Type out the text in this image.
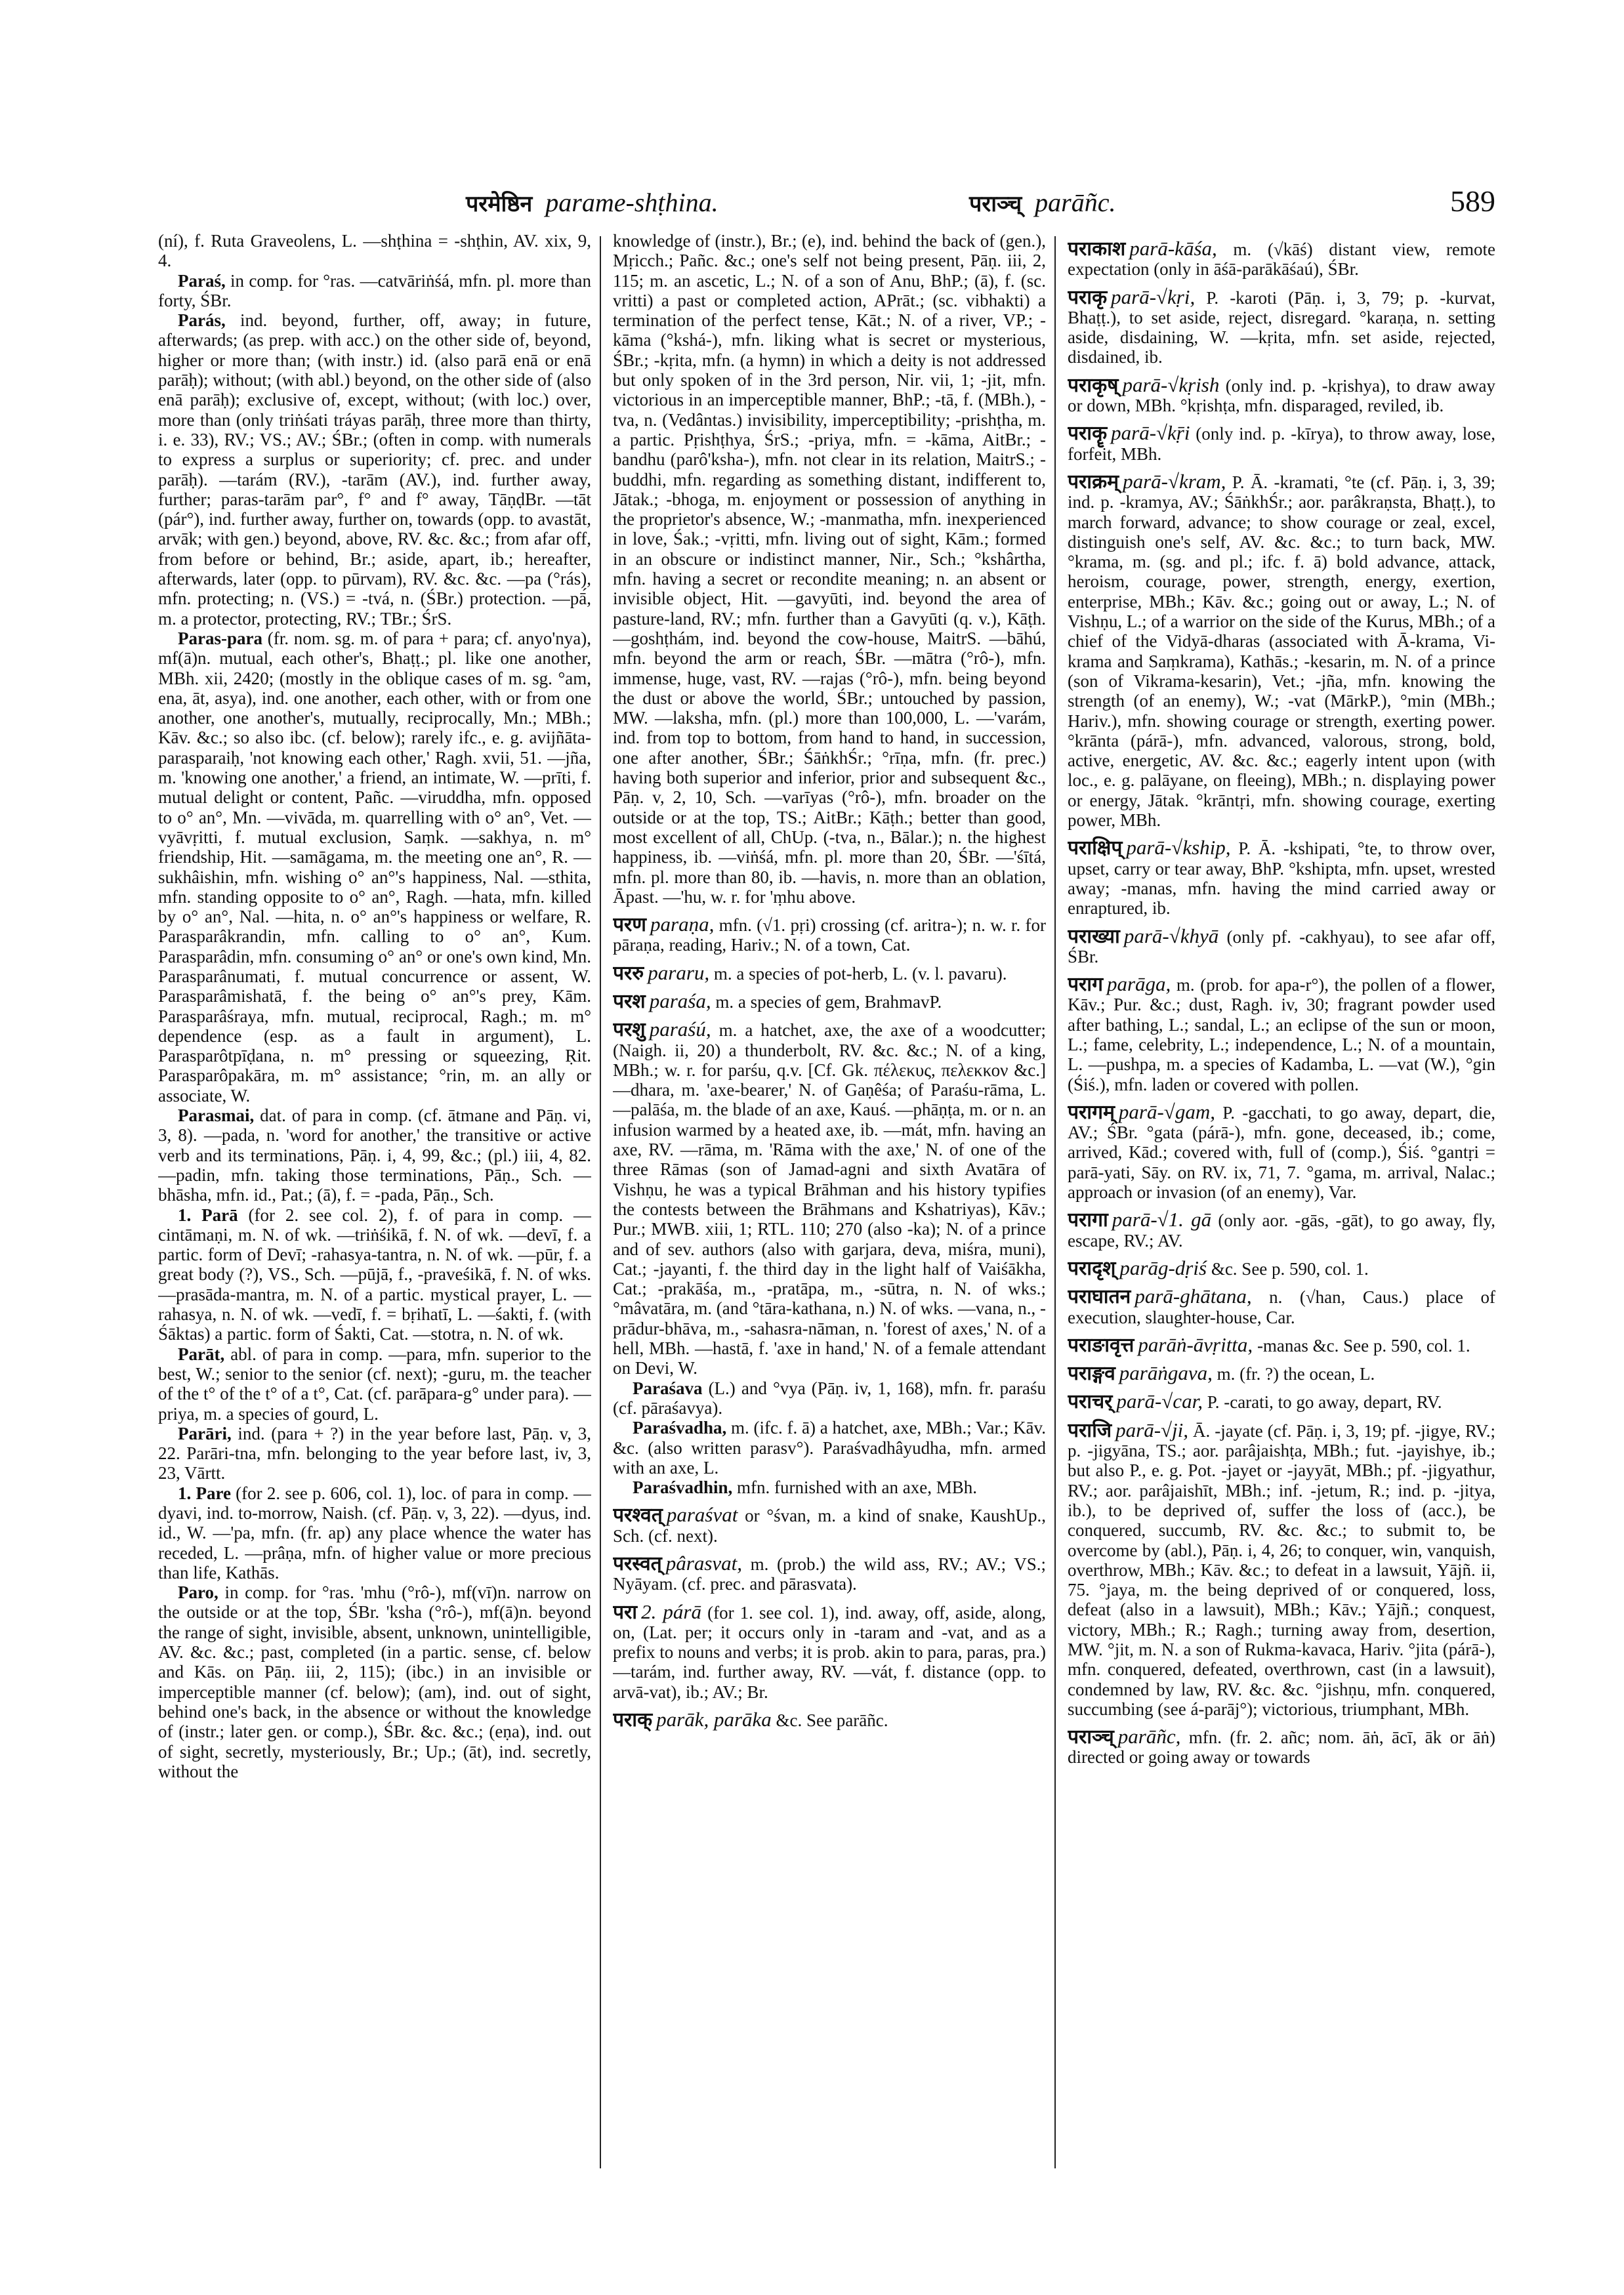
परमेष्ठिन parame-shṭhina.	पराञ्च् parāñc.	589

(ní), f. Ruta Graveolens, L. —shṭhina = -shṭhin, AV. xix, 9, 4.

Paraś, in comp. for °ras. —catvāriṅśá, mfn. pl. more than forty, ŚBr.

Parás, ind. beyond, further, off, away; in future, afterwards; (as prep. with acc.) on the other side of, beyond, higher or more than; (with instr.) id. (also parā enā or enā parāḥ); without; (with abl.) beyond, on the other side of (also enā parāḥ); exclusive of, except, without; (with loc.) over, more than (only triṅśati tráyas parāḥ, three more than thirty, i. e. 33), RV.; VS.; AV.; ŚBr.; (often in comp. with numerals to express a surplus or superiority; cf. prec. and under parāḥ). —tarám (RV.), -tarām (AV.), ind. further away, further; paras-tarām par°, f° and f° away, TāṇḍBr. —tāt (pár°), ind. further away, further on, towards (opp. to avastāt, arvāk; with gen.) beyond, above, RV. &c. &c.; from afar off, from before or behind, Br.; aside, apart, ib.; hereafter, afterwards, later (opp. to pūrvam), RV. &c. &c. —pa (°rás), mfn. protecting; n. (VS.) = -tvá, n. (ŚBr.) protection. —pā́, m. a protector, protecting, RV.; TBr.; ŚrS.

Paras-para (fr. nom. sg. m. of para + para; cf. anyo'nya), mf(ā)n. mutual, each other's, Bhaṭṭ.; pl. like one another, MBh. xii, 2420; (mostly in the oblique cases of m. sg. °am, ena, āt, asya), ind. one another, each other, with or from one another, one another's, mutually, reciprocally, Mn.; MBh.; Kāv. &c.; so also ibc. (cf. below); rarely ifc., e. g. avijñāta-parasparaiḥ, 'not knowing each other,' Ragh. xvii, 51. —jña, m. 'knowing one another,' a friend, an intimate, W. —prīti, f. mutual delight or content, Pañc. —viruddha, mfn. opposed to o° an°, Mn. —vivāda, m. quarrelling with o° an°, Vet. —vyāvṛitti, f. mutual exclusion, Saṃk. —sakhya, n. m° friendship, Hit. —samāgama, m. the meeting one an°, R. —sukhâishin, mfn. wishing o° an°'s happiness, Nal. —sthita, mfn. standing opposite to o° an°, Ragh. —hata, mfn. killed by o° an°, Nal. —hita, n. o° an°'s happiness or welfare, R. Parasparâkrandin, mfn. calling to o° an°, Kum. Parasparâdin, mfn. consuming o° an° or one's own kind, Mn. Parasparânumati, f. mutual concurrence or assent, W. Parasparâmishatā, f. the being o° an°'s prey, Kām. Parasparâśraya, mfn. mutual, reciprocal, Ragh.; m. m° dependence (esp. as a fault in argument), L. Parasparôtpīḍana, n. m° pressing or squeezing, Ṛit. Parasparôpakāra, m. m° assistance; °rin, m. an ally or associate, W.

Parasmai, dat. of para in comp. (cf. ātmane and Pāṇ. vi, 3, 8). —pada, n. 'word for another,' the transitive or active verb and its terminations, Pāṇ. i, 4, 99, &c.; (pl.) iii, 4, 82. —padin, mfn. taking those terminations, Pāṇ., Sch. —bhāsha, mfn. id., Pat.; (ā), f. = -pada, Pāṇ., Sch.

1. Parā (for 2. see col. 2), f. of para in comp. —cintāmaṇi, m. N. of wk. —triṅśikā, f. N. of wk. —devī, f. a partic. form of Devī; -rahasya-tantra, n. N. of wk. —pūr, f. a great body (?), VS., Sch. —pūjā, f., -praveśikā, f. N. of wks. —prasāda-mantra, m. N. of a partic. mystical prayer, L. —rahasya, n. N. of wk. —vedī, f. = bṛihatī, L. —śakti, f. (with Śāktas) a partic. form of Śakti, Cat. —stotra, n. N. of wk.

Parāt, abl. of para in comp. —para, mfn. superior to the best, W.; senior to the senior (cf. next); -guru, m. the teacher of the t° of the t° of a t°, Cat. (cf. parāpara-g° under para). —priya, m. a species of gourd, L.

Parāri, ind. (para + ?) in the year before last, Pāṇ. v, 3, 22. Parāri-tna, mfn. belonging to the year before last, iv, 3, 23, Vārtt.

1. Pare (for 2. see p. 606, col. 1), loc. of para in comp. —dyavi, ind. to-morrow, Naish. (cf. Pāṇ. v, 3, 22). —dyus, ind. id., W. —'pa, mfn. (fr. ap) any place whence the water has receded, L. —prâṇa, mfn. of higher value or more precious than life, Kathās.

Paro, in comp. for °ras. 'mhu (°rô-), mf(vī)n. narrow on the outside or at the top, ŚBr. 'ksha (°rô-), mf(ā)n. beyond the range of sight, invisible, absent, unknown, unintelligible, AV. &c. &c.; past, completed (in a partic. sense, cf. below and Kās. on Pāṇ. iii, 2, 115); (ibc.) in an invisible or imperceptible manner (cf. below); (am), ind. out of sight, behind one's back, in the absence or without the knowledge of (instr.; later gen. or comp.), ŚBr. &c. &c.; (eṇa), ind. out of sight, secretly, mysteriously, Br.; Up.; (āt), ind. secretly, without the

knowledge of (instr.), Br.; (e), ind. behind the back of (gen.), Mṛicch.; Pañc. &c.; one's self not being present, Pāṇ. iii, 2, 115; m. an ascetic, L.; N. of a son of Anu, BhP.; (ā), f. (sc. vritti) a past or completed action, APrāt.; (sc. vibhakti) a termination of the perfect tense, Kāt.; N. of a river, VP.; -kāma (°kshá-), mfn. liking what is secret or mysterious, ŚBr.; -kṛita, mfn. (a hymn) in which a deity is not addressed but only spoken of in the 3rd person, Nir. vii, 1; -jit, mfn. victorious in an imperceptible manner, BhP.; -tā, f. (MBh.), -tva, n. (Vedântas.) invisibility, imperceptibility; -prishṭha, m. a partic. Pṛishṭhya, ŚrS.; -priya, mfn. = -kāma, AitBr.; -bandhu (parô'ksha-), mfn. not clear in its relation, MaitrS.; -buddhi, mfn. regarding as something distant, indifferent to, Jātak.; -bhoga, m. enjoyment or possession of anything in the proprietor's absence, W.; -manmatha, mfn. inexperienced in love, Śak.; -vṛitti, mfn. living out of sight, Kām.; formed in an obscure or indistinct manner, Nir., Sch.; °kshârtha, mfn. having a secret or recondite meaning; n. an absent or invisible object, Hit. —gavyūti, ind. beyond the area of pasture-land, RV.; mfn. further than a Gavyūti (q. v.), Kāṭh. —goshṭhám, ind. beyond the cow-house, MaitrS. —bāhú, mfn. beyond the arm or reach, ŚBr. —mātra (°rô-), mfn. immense, huge, vast, RV. —rajas (°rô-), mfn. being beyond the dust or above the world, ŚBr.; untouched by passion, MW. —laksha, mfn. (pl.) more than 100,000, L. —'varám, ind. from top to bottom, from hand to hand, in succession, one after another, ŚBr.; ŚāṅkhŚr.; °rīṇa, mfn. (fr. prec.) having both superior and inferior, prior and subsequent &c., Pāṇ. v, 2, 10, Sch. —varīyas (°rô-), mfn. broader on the outside or at the top, TS.; AitBr.; Kāṭh.; better than good, most excellent of all, ChUp. (-tva, n., Bālar.); n. the highest happiness, ib. —viṅśá, mfn. pl. more than 20, ŚBr. —'śītá, mfn. pl. more than 80, ib. —havis, n. more than an oblation, Āpast. —'hu, w. r. for 'ṃhu above.

परण paraṇa, mfn. (√1. pṛi) crossing (cf. aritra-); n. w. r. for pāraṇa, reading, Hariv.; N. of a town, Cat.

पररु pararu, m. a species of pot-herb, L. (v. l. pavaru).

परश paraśa, m. a species of gem, BrahmavP.

परशु paraśú, m. a hatchet, axe, the axe of a woodcutter; (Naigh. ii, 20) a thunderbolt, RV. &c. &c.; N. of a king, MBh.; w. r. for parśu, q.v. [Cf. Gk. πέλεκυς, πελεκκον &c.] —dhara, m. 'axe-bearer,' N. of Gaṇêśa; of Paraśu-rāma, L. —palāśa, m. the blade of an axe, Kauś. —phāṇṭa, m. or n. an infusion warmed by a heated axe, ib. —mát, mfn. having an axe, RV. —rāma, m. 'Rāma with the axe,' N. of one of the three Rāmas (son of Jamad-agni and sixth Avatāra of Vishṇu, he was a typical Brāhman and his history typifies the contests between the Brāhmans and Kshatriyas), Kāv.; Pur.; MWB. xiii, 1; RTL. 110; 270 (also -ka); N. of a prince and of sev. authors (also with garjara, deva, miśra, muni), Cat.; -jayanti, f. the third day in the light half of Vaiśākha, Cat.; -prakāśa, m., -pratāpa, m., -sūtra, n. N. of wks.; °mâvatāra, m. (and °tāra-kathana, n.) N. of wks. —vana, n., -prādur-bhāva, m., -sahasra-nāman, n. 'forest of axes,' N. of a hell, MBh. —hastā, f. 'axe in hand,' N. of a female attendant on Devi, W.

Paraśava (L.) and °vya (Pāṇ. iv, 1, 168), mfn. fr. paraśu (cf. pāraśavya).

Paraśvadha, m. (ifc. f. ā) a hatchet, axe, MBh.; Var.; Kāv. &c. (also written parasv°). Paraśvadhâyudha, mfn. armed with an axe, L.

Paraśvadhin, mfn. furnished with an axe, MBh.

परश्वत् paraśvat or °śvan, m. a kind of snake, KaushUp., Sch. (cf. next).

परस्वत् pârasvat, m. (prob.) the wild ass, RV.; AV.; VS.; Nyāyam. (cf. prec. and pārasvata).

परा 2. párā (for 1. see col. 1), ind. away, off, aside, along, on, (Lat. per; it occurs only in -taram and -vat, and as a prefix to nouns and verbs; it is prob. akin to para, paras, pra.) —tarám, ind. further away, RV. —vát, f. distance (opp. to arvā-vat), ib.; AV.; Br.

पराक् parāk, parāka &c. See parāñc.

पराकाश parā-kāśa, m. (√kāś) distant view, remote expectation (only in āśā-parākāśaú), ŚBr.

पराकृ parā-√kṛi, P. -karoti (Pāṇ. i, 3, 79; p. -kurvat, Bhaṭṭ.), to set aside, reject, disregard. °karaṇa, n. setting aside, disdaining, W. —kṛita, mfn. set aside, rejected, disdained, ib.

पराकृष् parā-√kṛish (only ind. p. -kṛishya), to draw away or down, MBh. °kṛishṭa, mfn. disparaged, reviled, ib.

पराकॄ parā-√kṝi (only ind. p. -kīrya), to throw away, lose, forfeit, MBh.

पराक्रम् parā-√kram, P. Ā. -kramati, °te (cf. Pāṇ. i, 3, 39; ind. p. -kramya, AV.; ŚāṅkhŚr.; aor. parâkraṇsta, Bhaṭṭ.), to march forward, advance; to show courage or zeal, excel, distinguish one's self, AV. &c. &c.; to turn back, MW. °krama, m. (sg. and pl.; ifc. f. ā) bold advance, attack, heroism, courage, power, strength, energy, exertion, enterprise, MBh.; Kāv. &c.; going out or away, L.; N. of Vishṇu, L.; of a warrior on the side of the Kurus, MBh.; of a chief of the Vidyā-dharas (associated with Ā-krama, Vi-krama and Saṃkrama), Kathās.; -kesarin, m. N. of a prince (son of Vikrama-kesarin), Vet.; -jña, mfn. knowing the strength (of an enemy), W.; -vat (MārkP.), °min (MBh.; Hariv.), mfn. showing courage or strength, exerting power. °krānta (párā-), mfn. advanced, valorous, strong, bold, active, energetic, AV. &c. &c.; eagerly intent upon (with loc., e. g. palāyane, on fleeing), MBh.; n. displaying power or energy, Jātak. °krāntṛi, mfn. showing courage, exerting power, MBh.

पराक्षिप् parā-√kship, P. Ā. -kshipati, °te, to throw over, upset, carry or tear away, BhP. °kshipta, mfn. upset, wrested away; -manas, mfn. having the mind carried away or enraptured, ib.

पराख्या parā-√khyā (only pf. -cakhyau), to see afar off, ŚBr.

पराग parāga, m. (prob. for apa-r°), the pollen of a flower, Kāv.; Pur. &c.; dust, Ragh. iv, 30; fragrant powder used after bathing, L.; sandal, L.; an eclipse of the sun or moon, L.; fame, celebrity, L.; independence, L.; N. of a mountain, L. —pushpa, m. a species of Kadamba, L. —vat (W.), °gin (Śiś.), mfn. laden or covered with pollen.

परागम् parā-√gam, P. -gacchati, to go away, depart, die, AV.; ŚBr. °gata (párā-), mfn. gone, deceased, ib.; come, arrived, Kād.; covered with, full of (comp.), Śiś. °gantṛi = parā-yati, Sāy. on RV. ix, 71, 7. °gama, m. arrival, Nalac.; approach or invasion (of an enemy), Var.

परागा parā-√1. gā (only aor. -gās, -gāt), to go away, fly, escape, RV.; AV.

परादृश् parāg-dṛiś &c. See p. 590, col. 1.

पराघातन parā-ghātana, n. (√han, Caus.) place of execution, slaughter-house, Car.

पराङावृत्त parāṅ-āvṛitta, -manas &c. See p. 590, col. 1.

पराङ्गव parāṅgava, m. (fr. ?) the ocean, L.

पराचर् parā-√car, P. -carati, to go away, depart, RV.

पराजि parā-√ji, Ā. -jayate (cf. Pāṇ. i, 3, 19; pf. -jigye, RV.; p. -jigyāna, TS.; aor. parâjaishṭa, MBh.; fut. -jayishye, ib.; but also P., e. g. Pot. -jayet or -jayyāt, MBh.; pf. -jigyathur, RV.; aor. parâjaishīt, MBh.; inf. -jetum, R.; ind. p. -jitya, ib.), to be deprived of, suffer the loss of (acc.), be conquered, succumb, RV. &c. &c.; to submit to, be overcome by (abl.), Pāṇ. i, 4, 26; to conquer, win, vanquish, overthrow, MBh.; Kāv. &c.; to defeat in a lawsuit, Yājñ. ii, 75. °jaya, m. the being deprived of or conquered, loss, defeat (also in a lawsuit), MBh.; Kāv.; Yājñ.; conquest, victory, MBh.; R.; Ragh.; turning away from, desertion, MW. °jit, m. N. a son of Rukma-kavaca, Hariv. °jita (párā-), mfn. conquered, defeated, overthrown, cast (in a lawsuit), condemned by law, RV. &c. &c. °jishṇu, mfn. conquered, succumbing (see á-parāj°); victorious, triumphant, MBh.

पराञ्च् parāñc, mfn. (fr. 2. añc; nom. āṅ, ācī, āk or āṅ) directed or going away or towards
